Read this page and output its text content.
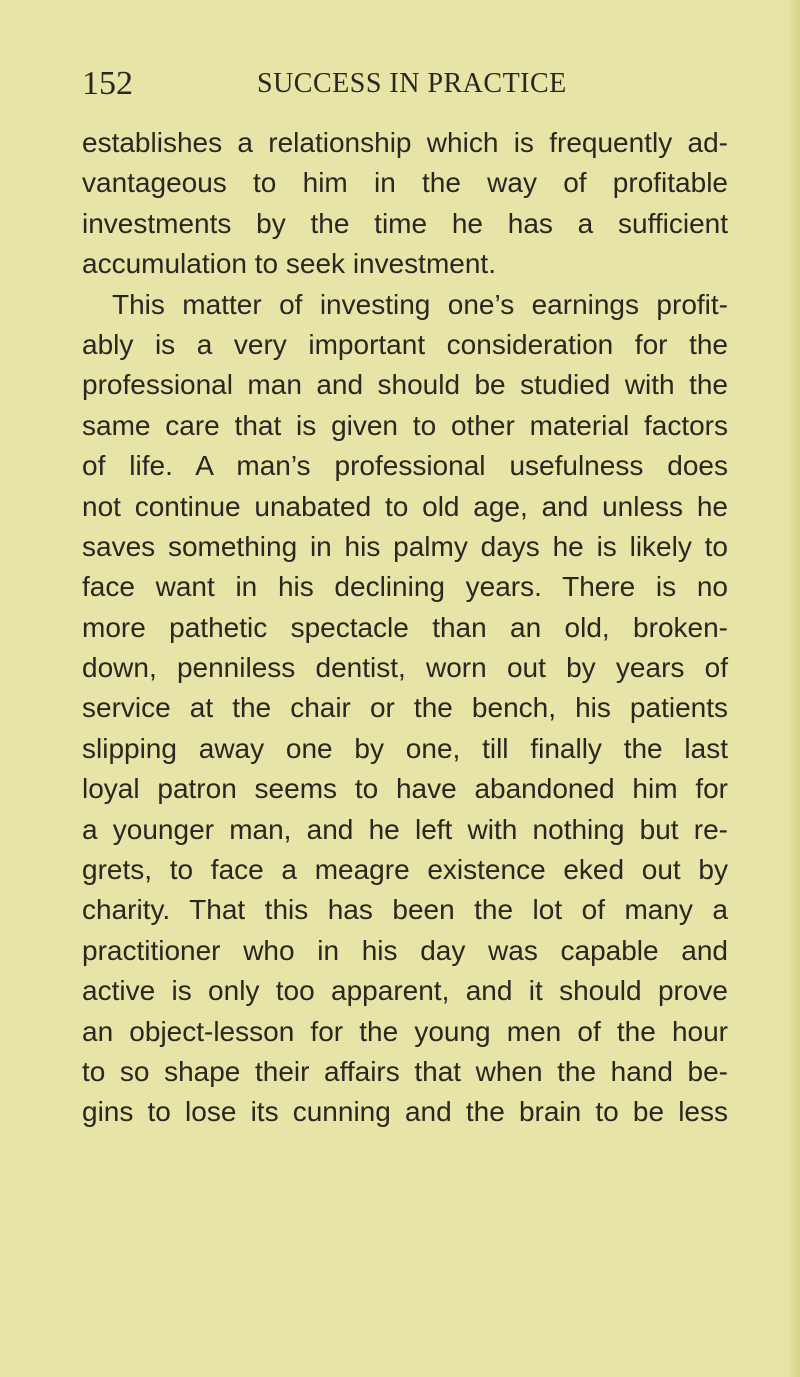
152	SUCCESS IN PRACTICE
establishes a relationship which is frequently ad-
vantageous to him in the way of profitable
investments by the time he has a sufficient
accumulation to seek investment.
This matter of investing one’s earnings profit-
ably is a very important consideration for the
professional man and should be studied with the
same care that is given to other material factors
of life. A man’s professional usefulness does
not continue unabated to old age, and unless he
saves something in his palmy days he is likely to
face want in his declining years. There is no
more pathetic spectacle than an old, broken-
down, penniless dentist, worn out by years of
service at the chair or the bench, his patients
slipping away one by one, till finally the last
loyal patron seems to have abandoned him for
a younger man, and he left with nothing but re-
grets, to face a meagre existence eked out by
charity. That this has been the lot of many a
practitioner who in his day was capable and
active is only too apparent, and it should prove
an object-lesson for the young men of the hour
to so shape their affairs that when the hand be-
gins to lose its cunning and the brain to be less
